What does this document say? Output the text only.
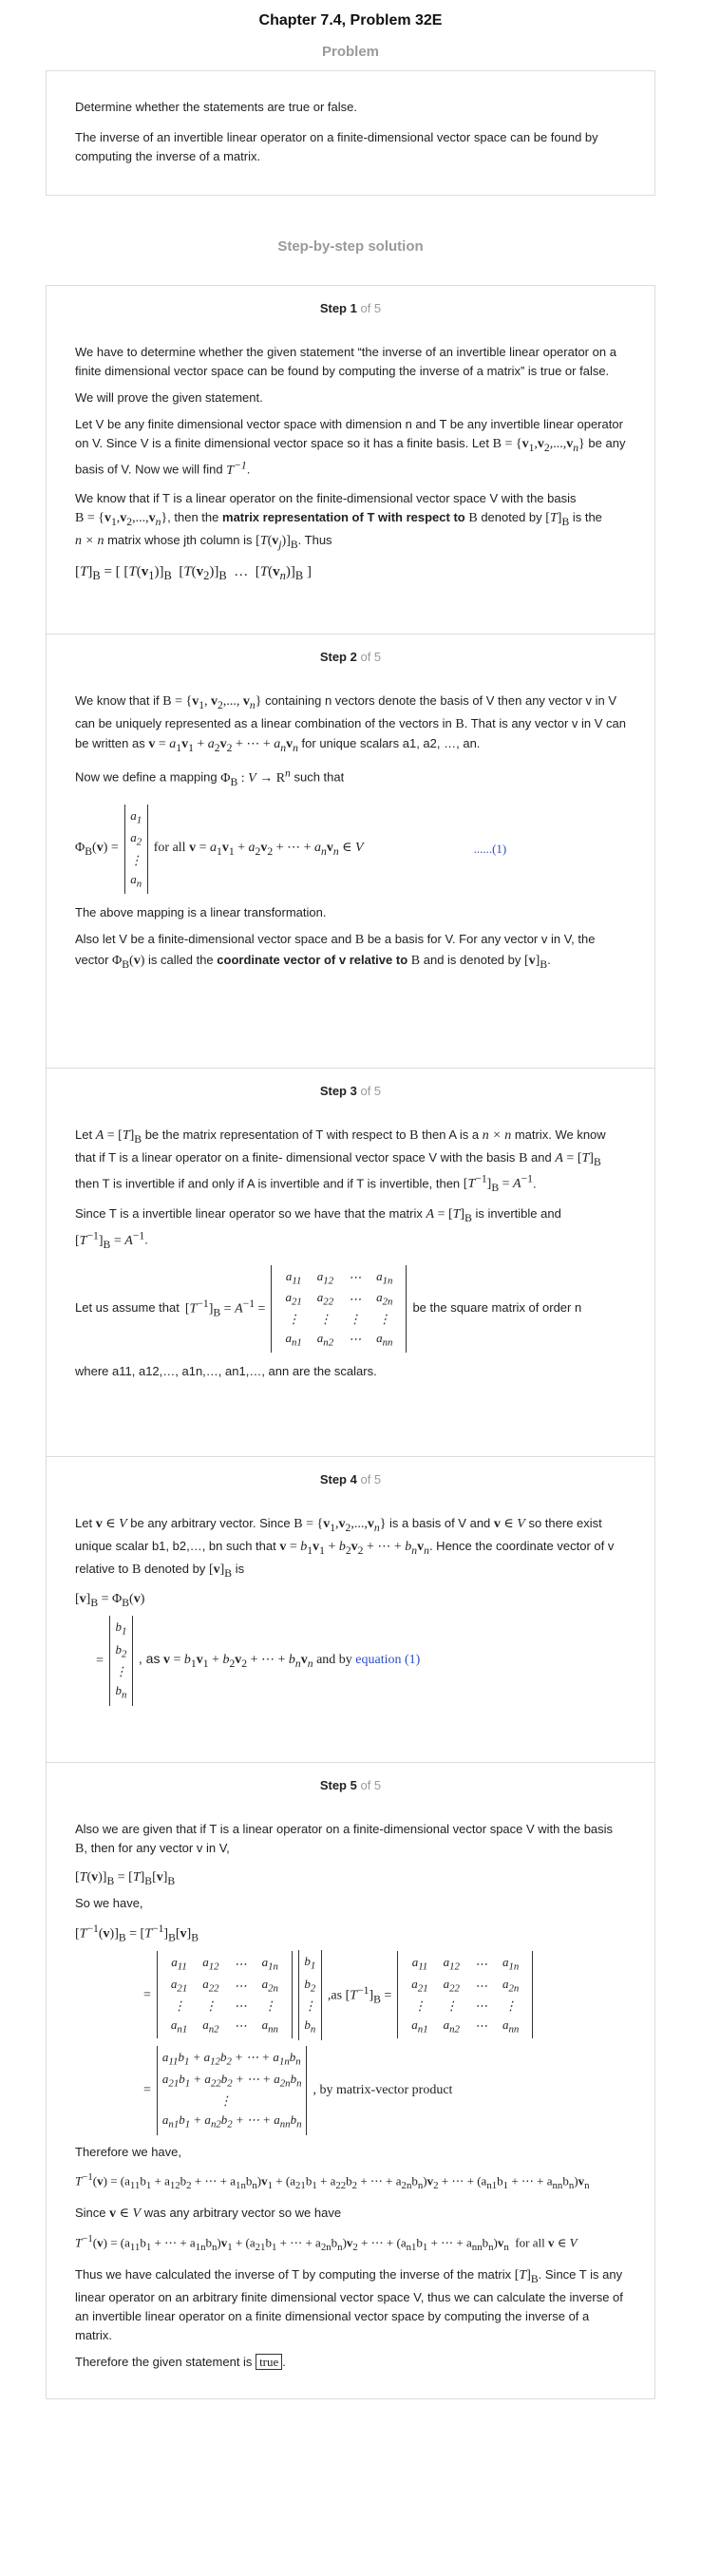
Chapter 7.4, Problem 32E
Problem

Determine whether the statements are true or false.

The inverse of an invertible linear operator on a finite-dimensional vector space can be found by computing the inverse of a matrix.

Step-by-step solution
Step 1 of 5

We have to determine whether the given statement “the inverse of an invertible linear operator on a finite dimensional vector space can be found by computing the inverse of a matrix” is true or false.

We will prove the given statement.

Let V be any finite dimensional vector space with dimension n and T be any invertible linear operator on V. Since V is a finite dimensional vector space so it has a finite basis. Let $B = \{v_1,v_2,...,v_n\}$ be any basis of V. Now we will find $T^{-1}$.

We know that if T is a linear operator on the finite-dimensional vector space V with the basis $B = \{v_1,v_2,...,v_n\}$, then the matrix representation of T with respect to B denoted by $[T]_B$ is the n × n matrix whose jth column is $[T(v_j)]_B$. Thus

$[T]_B$ = [ $[T(v_1)]_B$  $[T(v_2)]_B$  …  $[T(v_n)]_B$ ]
Step 2 of 5

We know that if $B = \{v_1$, $v_2$,..., $v_n$} containing n vectors denote the basis of V then any vector v in V can be uniquely represented as a linear combination of the vectors in B. That is any vector v in V can be written as $v = a_1v_1 + a_2v_2$ + ⋯ + $a_nv_n$ for unique scalars a1, a2, …, an.

Now we define a mapping $\Phi_B$ : $V \to R^n$ such that

$\Phi_B(v)$ =
$a_1$
$a_2$
⋮
$a_n$
for all $v = a_1v_1 + a_2v_2$ + ⋯ + $a_nv_n$ ∈ V	......(1)

The above mapping is a linear transformation.

Also let V be a finite-dimensional vector space and B be a basis for V. For any vector v in V, the vector $\Phi_B(v)$ is called the coordinate vector of v relative to B and is denoted by $[v]_B$.

Step 3 of 5

Let $A = [T]_B$ be the matrix representation of T with respect to B then A is a n × n matrix. We know that if T is a linear operator on a finite- dimensional vector space V with the basis B and $A = [T]_B$ then T is invertible if and only if A is invertible and if T is invertible, then $[T^{-1}]_B = A^{-1}$.

Since T is a invertible linear operator so we have that the matrix $A = [T]_B$ is invertible and $[T^{-1}]_B = A^{-1}$.

Let us assume that $[T^{-1}]_B = A^{-1}$ =
$a_{11}$	$a_{12}$	⋯	$a_{1n}$
$a_{21}$	$a_{22}$	⋯	$a_{2n}$
⋮	⋮	⋮	⋮
$a_{n1}$	$a_{n2}$	⋯	$a_{nn}$
be the square matrix of order n

where a11, a12,…, a1n,…, an1,…, ann are the scalars.

Step 4 of 5

Let v ∈ V be any arbitrary vector. Since $B = \{v_1,v_2,...,v_n\}$ is a basis of V and v ∈ V so there exist unique scalar b1, b2,…, bn such that $v = b_1v_1 + b_2v_2$ + ⋯ + $b_nv_n$. Hence the coordinate vector of v relative to B denoted by $[v]_B$ is

$[v]_B = \Phi_B(v)$
=
$b_1$
$b_2$
⋮
$b_n$
, as $v = b_1v_1 + b_2v_2$ + ⋯ + $b_nv_n$ and by equation (1)
Step 5 of 5

Also we are given that if T is a linear operator on a finite-dimensional vector space V with the basis B, then for any vector v in V,

$[T(v)]_B = [T]_B[v]_B$

So we have,

$[T^{-1}(v)]_B = [T^{-1}]_B[v]_B$
=
$a_{11}$	$a_{12}$	⋯	$a_{1n}$
$a_{21}$	$a_{22}$	⋯	$a_{2n}$
⋮	⋮	⋯	⋮
$a_{n1}$	$a_{n2}$	⋯	$a_{nn}$
$b_1$
$b_2$
⋮
$b_n$
,as $[T^{-1}]_B$ =
$a_{11}$	$a_{12}$	⋯	$a_{1n}$
$a_{21}$	$a_{22}$	⋯	$a_{2n}$
⋮	⋮	⋯	⋮
$a_{n1}$	$a_{n2}$	⋯	$a_{nn}$
=
$a_{11}b_1 + a_{12}b_2$ + ⋯ + $a_{1n}b_n$
$a_{21}b_1 + a_{22}b_2$ + ⋯ + $a_{2n}b_n$
⋮
$a_{n1}b_1 + a_{n2}b_2$ + ⋯ + $a_{nn}b_n$
, by matrix-vector product

Therefore we have,

$T^{-1}(v) = (a_{11}b_1 + a_{12}b_2$ + ⋯ + $a_{1n}b_n)v_1 + (a_{21}b_1 + a_{22}b_2$ + ⋯ + $a_{2n}b_n)v_2$ + ⋯ + ($a_{n1}b_1$ + ⋯ + $a_{nn}b_n)v_n$

Since v ∈ V was any arbitrary vector so we have

$T^{-1}(v) = (a_{11}b_1$ + ⋯ + $a_{1n}b_n)v_1 + (a_{21}b_1$ + ⋯ + $a_{2n}b_n)v_2$ + ⋯ + ($a_{n1}b_1$ + ⋯ + $a_{nn}b_n)v_n$ for all v ∈ V

Thus we have calculated the inverse of T by computing the inverse of the matrix $[T]_B$. Since T is any linear operator on an arbitrary finite dimensional vector space V, thus we can calculate the inverse of an invertible linear operator on a finite dimensional vector space by computing the inverse of a matrix.

Therefore the given statement is true .
